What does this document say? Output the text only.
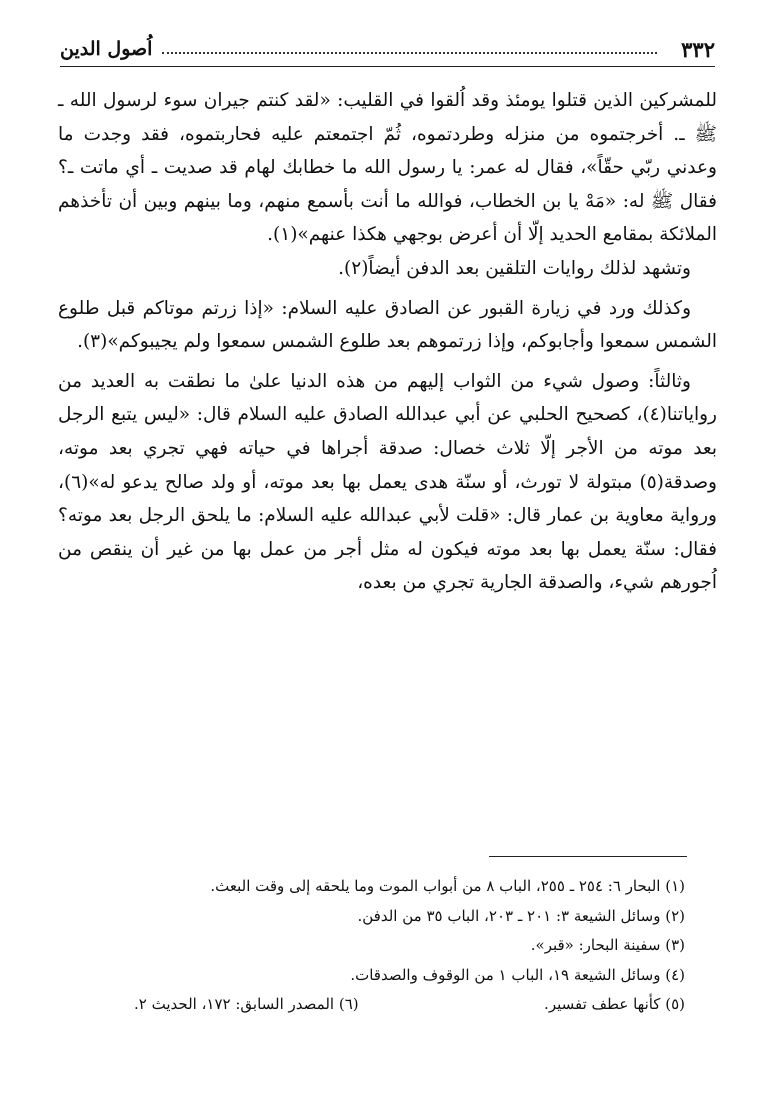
٣٣٢
اُصول الدين

للمشركين الذين قتلوا يومئذ وقد اُلقوا في القليب: «لقد كنتم جيران سوء لرسول الله ـ ﷺ ـ. أخرجتموه من منزله وطردتموه، ثُمّ اجتمعتم عليه فحاربتموه، فقد وجدت ما وعدني ربّي حقّاً»، فقال له عمر: يا رسول الله ما خطابك لهام قد صديت ـ أي ماتت ـ؟ فقال ﷺ له: «مَهْ يا بن الخطاب، فوالله ما أنت بأسمع منهم، وما بينهم وبين أن تأخذهم الملائكة بمقامع الحديد إلّا أن أعرض بوجهي هكذا عنهم»(١).

وتشهد لذلك روايات التلقين بعد الدفن أيضاً(٢).

وكذلك ورد في زيارة القبور عن الصادق عليه السلام: «إذا زرتم موتاكم قبل طلوع الشمس سمعوا وأجابوكم، وإذا زرتموهم بعد طلوع الشمس سمعوا ولم يجيبوكم»(٣).

وثالثاً: وصول شيء من الثواب إليهم من هذه الدنيا علىٰ ما نطقت به العديد من رواياتنا(٤)، كصحيح الحلبي عن أبي عبدالله الصادق عليه السلام قال: «ليس يتبع الرجل بعد موته من الأجر إلّا ثلاث خصال: صدقة أجراها في حياته فهي تجري بعد موته، وصدقة(٥) مبتولة لا تورث، أو سنّة هدى يعمل بها بعد موته، أو ولد صالح يدعو له»(٦)، ورواية معاوية بن عمار قال: «قلت لأبي عبدالله عليه السلام: ما يلحق الرجل بعد موته؟ فقال: سنّة يعمل بها بعد موته فيكون له مثل أجر من عمل بها من غير أن ينقص من اُجورهم شيء، والصدقة الجارية تجري من بعده،

(١) البحار ٦: ٢٥٤ ـ ٢٥٥، الباب ٨ من أبواب الموت وما يلحقه إلى وقت البعث.

(٢) وسائل الشيعة ٣: ٢٠١ ـ ٢٠٣، الباب ٣٥ من الدفن.

(٣) سفينة البحار: «قبر».

(٤) وسائل الشيعة ١٩، الباب ١ من الوقوف والصدقات.

(٥) كأنها عطف تفسير.
(٦) المصدر السابق: ١٧٢، الحديث ٢.
